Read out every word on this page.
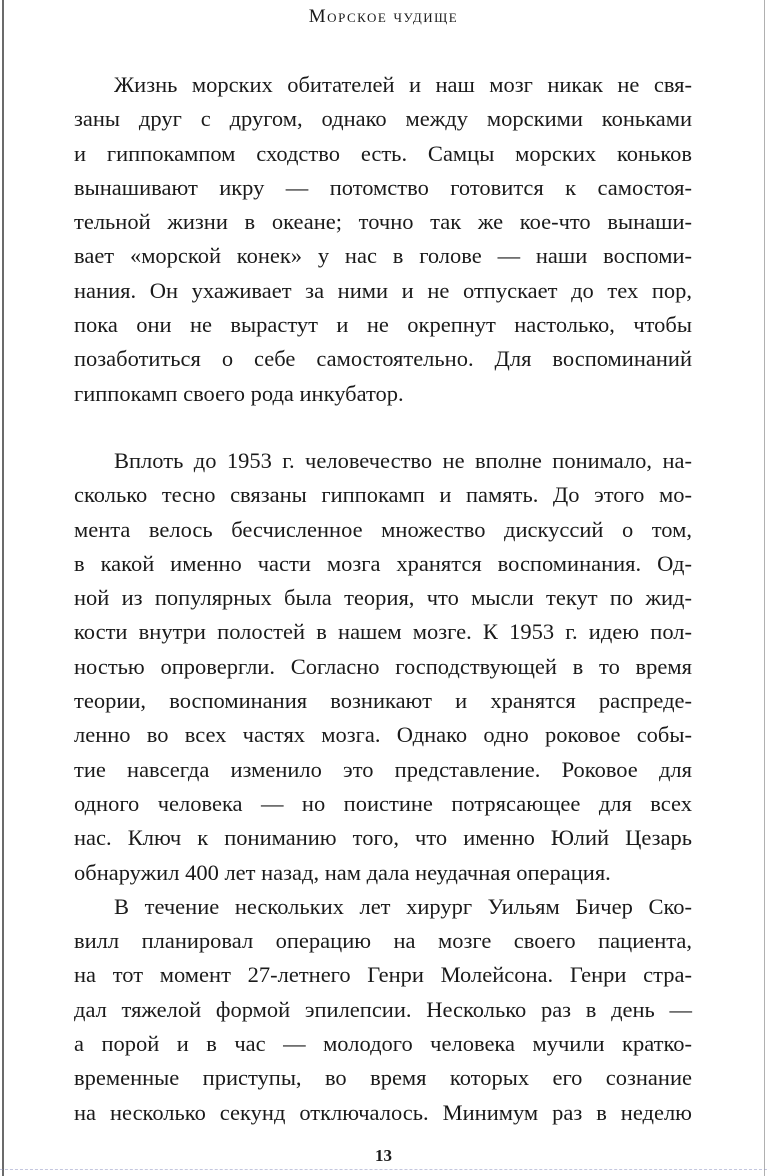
Морское чудище
Жизнь морских обитателей и наш мозг никак не свя-
заны друг с другом, однако между морскими коньками
и гиппокампом сходство есть. Самцы морских коньков
вынашивают икру — потомство готовится к самостоя-
тельной жизни в океане; точно так же кое-что вынаши-
вает «морской конек» у нас в голове — наши воспоми-
нания. Он ухаживает за ними и не отпускает до тех пор,
пока они не вырастут и не окрепнут настолько, чтобы
позаботиться о себе самостоятельно. Для воспоминаний
гиппокамп своего рода инкубатор.
Вплоть до 1953 г. человечество не вполне понимало, на-
сколько тесно связаны гиппокамп и память. До этого мо-
мента велось бесчисленное множество дискуссий о том,
в какой именно части мозга хранятся воспоминания. Од-
ной из популярных была теория, что мысли текут по жид-
кости внутри полостей в нашем мозге. К 1953 г. идею пол-
ностью опровергли. Согласно господствующей в то время
теории, воспоминания возникают и хранятся распреде-
ленно во всех частях мозга. Однако одно роковое собы-
тие навсегда изменило это представление. Роковое для
одного человека — но поистине потрясающее для всех
нас. Ключ к пониманию того, что именно Юлий Цезарь
обнаружил 400 лет назад, нам дала неудачная операция.
В течение нескольких лет хирург Уильям Бичер Ско-
вилл планировал операцию на мозге своего пациента,
на тот момент 27-летнего Генри Молейсона. Генри стра-
дал тяжелой формой эпилепсии. Несколько раз в день —
а порой и в час — молодого человека мучили кратко-
временные приступы, во время которых его сознание
на несколько секунд отключалось. Минимум раз в неделю
13
